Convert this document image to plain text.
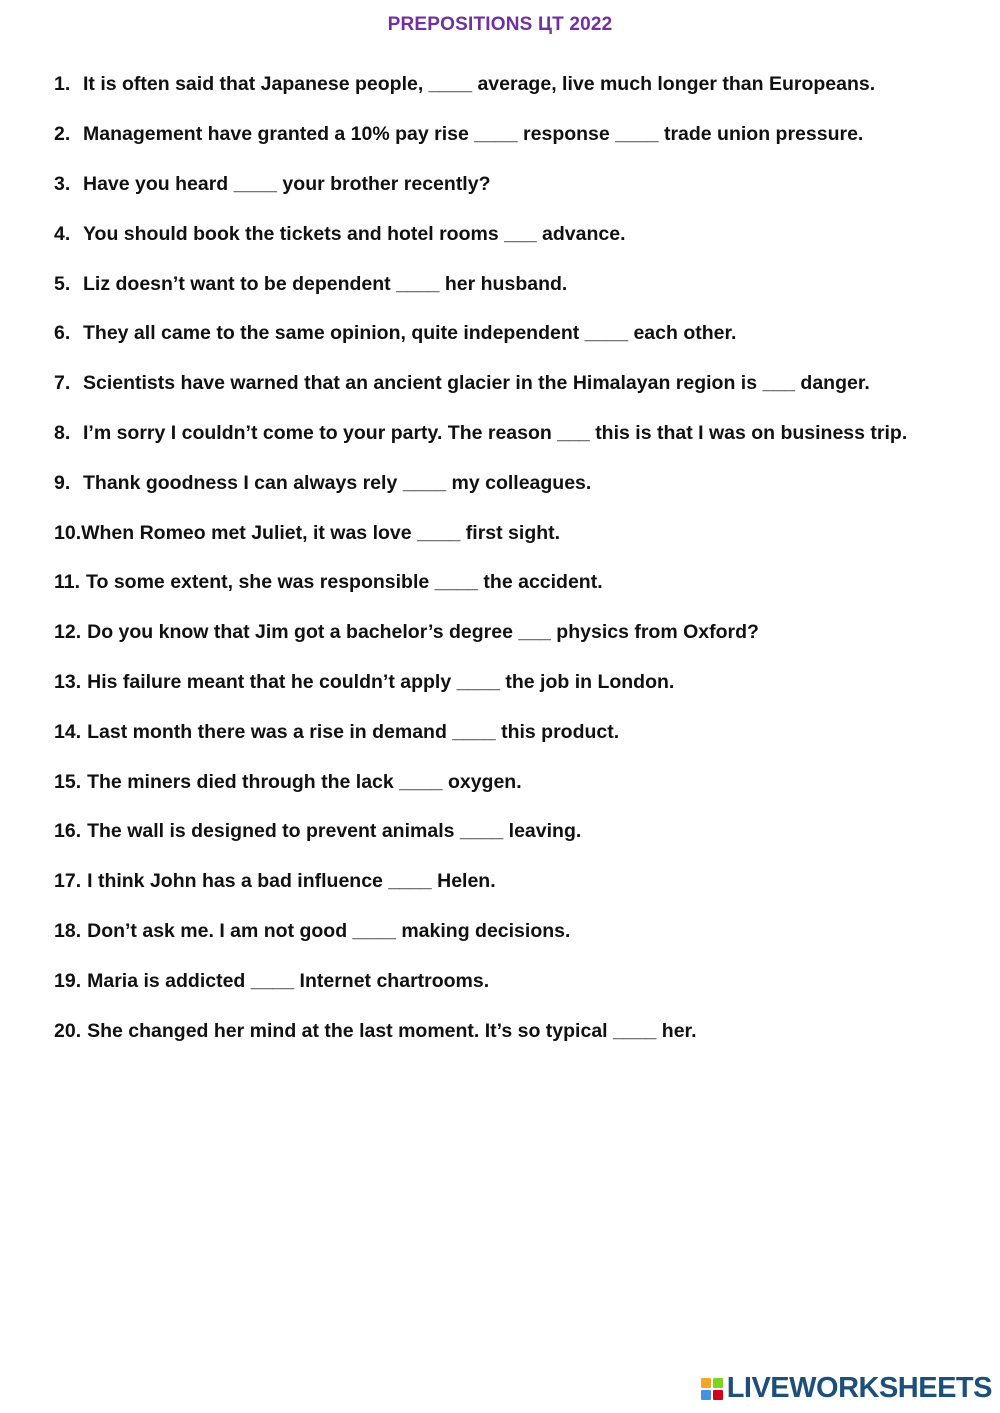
PREPOSITIONS ЦТ 2022
1. It is often said that Japanese people, ____ average, live much longer than Europeans.
2. Management have granted a 10% pay rise ____ response ____ trade union pressure.
3. Have you heard ____ your brother recently?
4. You should book the tickets and hotel rooms ___ advance.
5. Liz doesn’t want to be dependent ____ her husband.
6. They all came to the same opinion, quite independent ____ each other.
7. Scientists have warned that an ancient glacier in the Himalayan region is ___ danger.
8. I’m sorry I couldn’t come to your party. The reason ___ this is that I was on business trip.
9. Thank goodness I can always rely ____ my colleagues.
10. When Romeo met Juliet, it was love ____ first sight.
11. To some extent, she was responsible ____ the accident.
12. Do you know that Jim got a bachelor’s degree ___ physics from Oxford?
13. His failure meant that he couldn’t apply ____ the job in London.
14. Last month there was a rise in demand ____ this product.
15. The miners died through the lack ____ oxygen.
16. The wall is designed to prevent animals ____ leaving.
17. I think John has a bad influence ____ Helen.
18. Don’t ask me. I am not good ____ making decisions.
19. Maria is addicted ____ Internet chartrooms.
20. She changed her mind at the last moment. It’s so typical ____ her.
LIVEWORKSHEETS
